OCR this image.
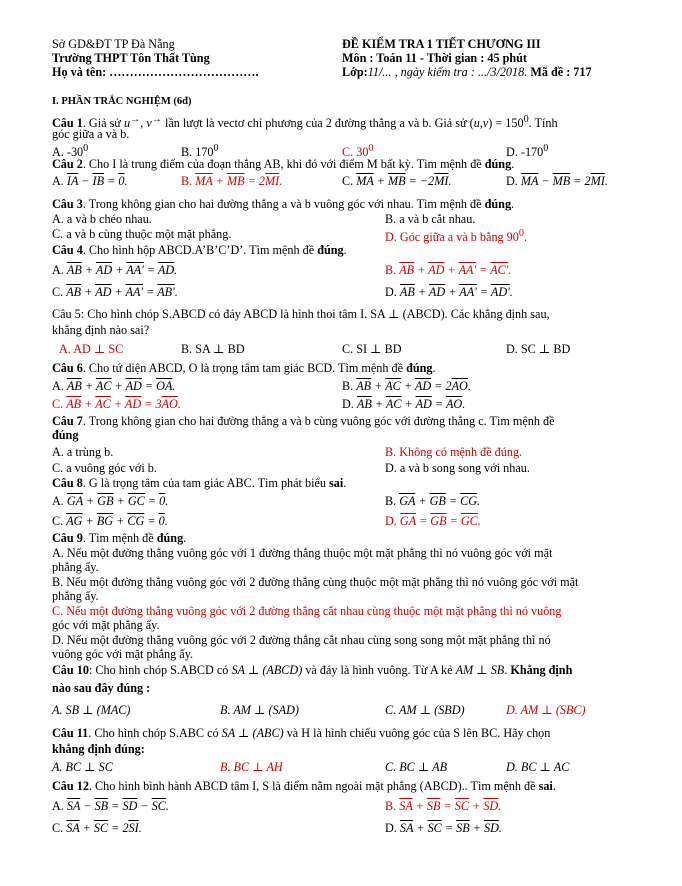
Sở GD&ĐT TP Đà Nẵng
Trường THPT Tôn Thất Tùng
Họ và tên: ……………………………….
ĐỀ KIỂM TRA 1 TIẾT CHƯƠNG III
Môn : Toán 11 - Thời gian : 45 phút
Lớp:11/... , ngày kiểm tra : .../3/2018. Mã đề : 717
I. PHẦN TRẮC NGHIỆM (6đ)
Câu 1. Giả sử u→, v→ lần lượt là vectơ chỉ phương của 2 đường thẳng a và b. Giả sử $(u,v) = 150^0$. Tính
góc giữa a và b.
A. $-30^0$	B. $170^0$	C. $30^0$	D. $-170^0$
Câu 2. Cho I là trung điểm của đoạn thẳng AB, khi đó với điểm M bất kỳ. Tìm mệnh đề đúng.
A. $\overline{IA} - \overline{IB} = 0$.	B. $\overline{MA} + \overline{MB} = 2\overline{MI}$.	C. $\overline{MA} + \overline{MB} = -2\overline{MI}$.	D. $\overline{MA} - \overline{MB} = 2\overline{MI}$.
Câu 3. Trong không gian cho hai đường thẳng a và b vuông góc với nhau. Tìm mệnh đề đúng.
A. a và b chéo nhau.	B. a và b cắt nhau.
C. a và b cùng thuộc một mặt phẳng.	D. Góc giữa a và b bằng $90^0$.
Câu 4. Cho hình hộp ABCD.A’B’C’D’. Tìm mệnh đề đúng.
A. $\overline{AB} + \overline{AD} + AA' = \overline{AD}$.	B. $\overline{AB} + \overline{AD} + AA' = AC'$.
C. $\overline{AB} + \overline{AD} + AA' = AB'$.	D. $\overline{AB} + \overline{AD} + AA' = AD'$.
Câu 5: Cho hình chóp S.ABCD có đáy ABCD là hình thoi tâm I. SA ⊥ (ABCD). Các khẳng định sau,
khẳng định nào sai?
A. AD ⊥ SC	B. SA ⊥ BD	C. SI ⊥ BD	D. SC ⊥ BD
Câu 6. Cho tứ diện ABCD, O là trọng tâm tam giác BCD. Tìm mệnh đề đúng.
A. $\overline{AB} + \overline{AC} + \overline{AD} = \overline{OA}$.	B. $\overline{AB} + \overline{AC} + \overline{AD} = 2\overline{AO}$.
C. $\overline{AB} + \overline{AC} + \overline{AD} = 3\overline{AO}$.	D. $\overline{AB} + \overline{AC} + \overline{AD} = \overline{AO}$.
Câu 7. Trong không gian cho hai đường thẳng a và b cùng vuông góc với đường thẳng c. Tìm mệnh đề
đúng
A. a trùng b.	B. Không có mệnh đề đúng.
C. a vuông góc với b.	D. a và b song song với nhau.
Câu 8. G là trọng tâm của tam giác ABC. Tìm phát biểu sai.
A. $\overline{GA} + \overline{GB} + \overline{GC} = 0$.	B. $\overline{GA} + \overline{GB} = \overline{CG}$.
C. $\overline{AG} + \overline{BG} + \overline{CG} = 0$.	D. $\overline{GA} = \overline{GB} = \overline{GC}$.
Câu 9. Tìm mệnh đề đúng.
A. Nếu một đường thẳng vuông góc với 1 đường thẳng thuộc một mặt phẳng thì nó vuông góc với mặt
phẳng ấy.
B. Nếu một đường thẳng vuông góc với 2 đường thẳng cùng thuộc một mặt phẳng thì nó vuông góc với mặt
phẳng ấy.
C. Nếu một đường thẳng vuông góc với 2 đường thẳng cắt nhau cùng thuộc một mặt phẳng thì nó vuông
góc với mặt phẳng ấy.
D. Nếu một đường thẳng vuông góc với 2 đường thẳng cắt nhau cùng song song một mặt phẳng thì nó
vuông góc với mặt phẳng ấy.
Câu 10: Cho hình chóp S.ABCD có SA ⊥ (ABCD) và đáy là hình vuông. Từ A kẻ AM ⊥ SB. Khẳng định
nào sau đây đúng :
A. SB ⊥ (MAC)	B. AM ⊥ (SAD)	C. AM ⊥ (SBD)	D. AM ⊥ (SBC)
Câu 11. Cho hình chóp S.ABC có SA ⊥ (ABC) và H là hình chiếu vuông góc của S lên BC. Hãy chọn
khẳng định đúng:
A. BC ⊥ SC	B. BC ⊥ AH	C. BC ⊥ AB	D. BC ⊥ AC
Câu 12. Cho hình bình hành ABCD tâm I, S là điểm nằm ngoài mặt phẳng (ABCD).. Tìm mệnh đề sai.
A. $\overline{SA} - \overline{SB} = \overline{SD} - \overline{SC}$.	B. $\overline{SA} + \overline{SB} = \overline{SC} + \overline{SD}$.
C. $\overline{SA} + \overline{SC} = 2\overline{SI}$.	D. $\overline{SA} + \overline{SC} = \overline{SB} + \overline{SD}$.
